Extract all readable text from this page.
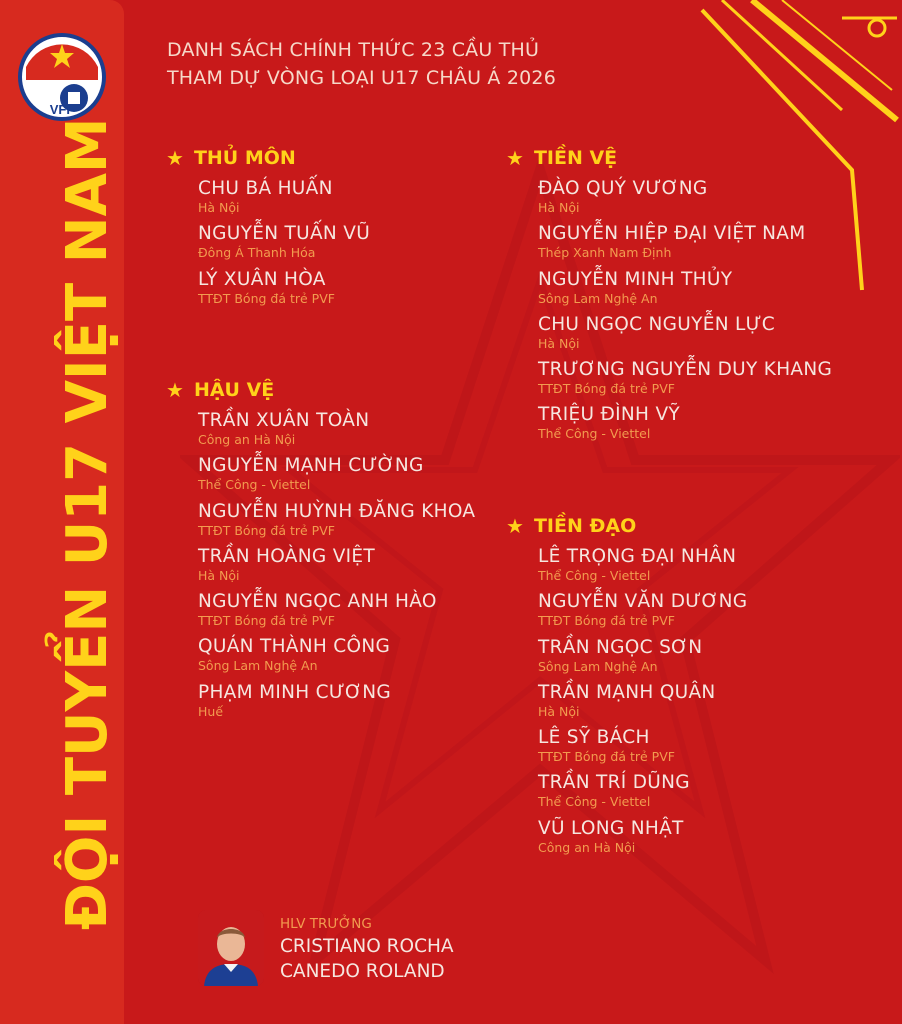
VFF
ĐỘI TUYỂN U17 VIỆT NAM
DANH SÁCH CHÍNH THỨC 23 CẦU THỦ
THAM DỰ VÒNG LOẠI U17 CHÂU Á 2026
★ THỦ MÔN
CHU BÁ HUẤN
Hà Nội
NGUYỄN TUẤN VŨ
Đông Á Thanh Hóa
LÝ XUÂN HÒA
TTĐT Bóng đá trẻ PVF
★ HẬU VỆ
TRẦN XUÂN TOÀN
Công an Hà Nội
NGUYỄN MẠNH CƯỜNG
Thể Công - Viettel
NGUYỄN HUỲNH ĐĂNG KHOA
TTĐT Bóng đá trẻ PVF
TRẦN HOÀNG VIỆT
Hà Nội
NGUYỄN NGỌC ANH HÀO
TTĐT Bóng đá trẻ PVF
QUÁN THÀNH CÔNG
Sông Lam Nghệ An
PHẠM MINH CƯƠNG
Huế
★ TIỀN VỆ
ĐÀO QUÝ VƯƠNG
Hà Nội
NGUYỄN HIỆP ĐẠI VIỆT NAM
Thép Xanh Nam Định
NGUYỄN MINH THỦY
Sông Lam Nghệ An
CHU NGỌC NGUYỄN LỰC
Hà Nội
TRƯƠNG NGUYỄN DUY KHANG
TTĐT Bóng đá trẻ PVF
TRIỆU ĐÌNH VỸ
Thể Công - Viettel
★ TIỀN ĐẠO
LÊ TRỌNG ĐẠI NHÂN
Thể Công - Viettel
NGUYỄN VĂN DƯƠNG
TTĐT Bóng đá trẻ PVF
TRẦN NGỌC SƠN
Sông Lam Nghệ An
TRẦN MẠNH QUÂN
Hà Nội
LÊ SỸ BÁCH
TTĐT Bóng đá trẻ PVF
TRẦN TRÍ DŨNG
Thể Công - Viettel
VŨ LONG NHẬT
Công an Hà Nội
HLV TRƯỞNG
CRISTIANO ROCHA
CANEDO ROLAND
